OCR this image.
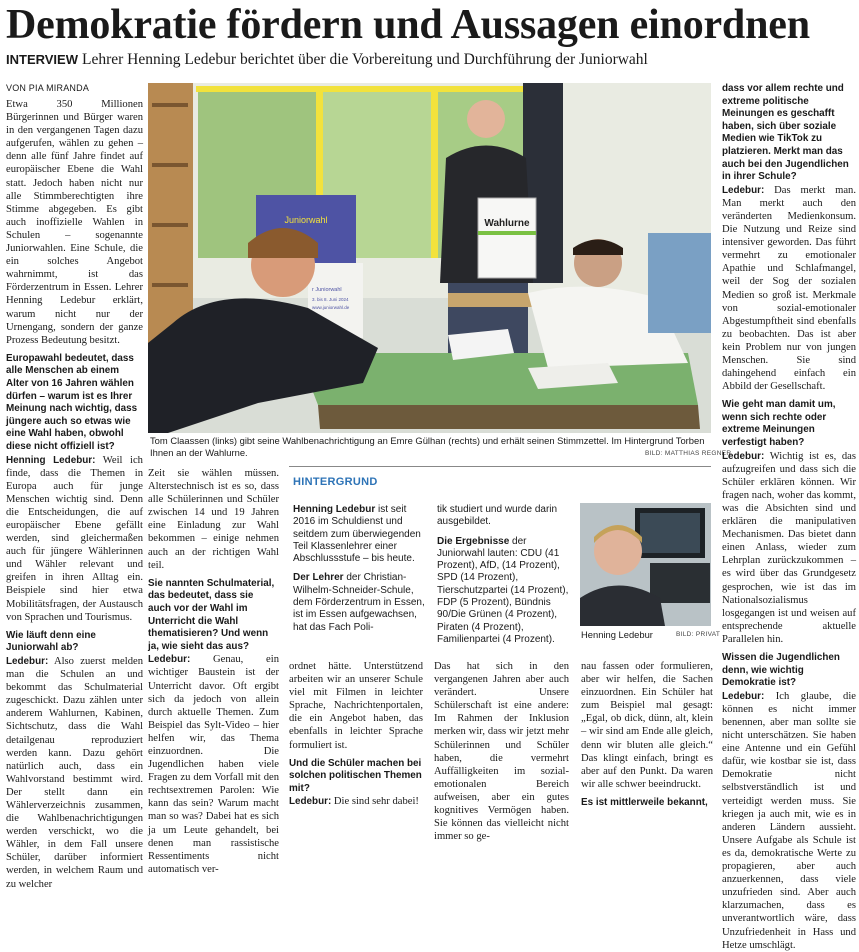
Demokratie fördern und Aussagen einordnen
INTERVIEW Lehrer Henning Ledebur berichtet über die Vorbereitung und Durchführung der Juniorwahl
VON PIA MIRANDA

Etwa 350 Millionen Bürgerinnen und Bürger waren in den vergangenen Tagen dazu aufgerufen, wählen zu gehen – denn alle fünf Jahre findet auf europäischer Ebene die Wahl statt. Jedoch haben nicht nur alle Stimmberechtigten ihre Stimme abgegeben. Es gibt auch inoffizielle Wahlen in Schulen – sogenannte Juniorwahlen. Eine Schule, die ein solches Angebot wahrnimmt, ist das Förderzentrum in Essen. Lehrer Henning Ledebur erklärt, warum nicht nur der Urnengang, sondern der ganze Prozess Bedeutung besitzt.

Europawahl bedeutet, dass alle Menschen ab einem Alter von 16 Jahren wählen dürfen – warum ist es Ihrer Meinung nach wichtig, dass jüngere auch so etwas wie eine Wahl haben, obwohl diese nicht offiziell ist?

Henning Ledebur: Weil ich finde, dass die Themen in Europa auch für junge Menschen wichtig sind. Denn die Entscheidungen, die auf europäischer Ebene gefällt werden, sind gleichermaßen auch für jüngere Wählerinnen und Wähler relevant und greifen in ihren Alltag ein. Beispiele sind hier etwa Mobilitätsfragen, der Austausch von Sprachen und Tourismus.

Wie läuft denn eine Juniorwahl ab?

Ledebur: Also zuerst melden man die Schulen an und bekommt das Schulmaterial zugeschickt. Dazu zählen unter anderem Wahlurnen, Kabinen, Sichtschutz, dass die Wahl detailgenau reproduziert werden kann. Dazu gehört natürlich auch, dass ein Wahlvorstand bestimmt wird. Der stellt dann ein Wählerverzeichnis zusammen, die Wahlbenachrichtigungen werden verschickt, wo die Wähler, in dem Fall unsere Schüler, darüber informiert werden, in welchem Raum und zu welcher

Juniorwahl
r Juniorwahl
3. bis 8. Juni 2024
www.juniorwahl.de
Wahlurne
Tom Claassen (links) gibt seine Wahlbenachrichtigung an Emre Gülhan (rechts) und erhält seinen Stimmzettel. Im Hintergrund Torben Ihnen an der Wahlurne.	BILD: MATTHIAS REGNER

Zeit sie wählen müssen. Alterstechnisch ist es so, dass alle Schülerinnen und Schüler zwischen 14 und 19 Jahren eine Einladung zur Wahl bekommen – einige nehmen auch an der richtigen Wahl teil.

Sie nannten Schulmaterial, das bedeutet, dass sie auch vor der Wahl im Unterricht die Wahl thematisieren? Und wenn ja, wie sieht das aus?

Ledebur: Genau, ein wichtiger Baustein ist der Unterricht davor. Oft ergibt sich da jedoch von allein durch aktuelle Themen. Zum Beispiel das Sylt-Video – hier helfen wir, das Thema einzuordnen. Die Jugendlichen haben viele Fragen zu dem Vorfall mit den rechtsextremen Parolen: Wie kann das sein? Warum macht man so was? Dabei hat es sich ja um Leute gehandelt, bei denen man rassistische Ressentiments nicht automatisch ver-

HINTERGRUND

Henning Ledebur ist seit 2016 im Schuldienst und seitdem zum überwiegenden Teil Klassenlehrer einer Abschlussstufe – bis heute.

Der Lehrer der Christian-Wilhelm-Schneider-Schule, dem Förderzentrum in Essen, ist im Essen aufgewachsen, hat das Fach Poli-

tik studiert und wurde darin ausgebildet.

Die Ergebnisse der Juniorwahl lauten: CDU (41 Prozent), AfD, (14 Prozent), SPD (14 Prozent), Tierschutzpartei (14 Prozent), FDP (5 Prozent), Bündnis 90/Die Grünen (4 Prozent), Piraten (4 Prozent), Familienpartei (4 Prozent).	Henning Ledebur	BILD: PRIVAT

ordnet hätte. Unterstützend arbeiten wir an unserer Schule viel mit Filmen in leichter Sprache, Nachrichtenportalen, die ein Angebot haben, das ebenfalls in leichter Sprache formuliert ist.

Und die Schüler machen bei solchen politischen Themen mit?

Ledebur: Die sind sehr dabei!

Das hat sich in den vergangenen Jahren aber auch verändert. Unsere Schülerschaft ist eine andere: Im Rahmen der Inklusion merken wir, dass wir jetzt mehr Schülerinnen und Schüler haben, die vermehrt Auffälligkeiten im sozial-emotionalen Bereich aufweisen, aber ein gutes kognitives Vermögen haben. Sie können das vielleicht nicht immer so ge-

nau fassen oder formulieren, aber wir helfen, die Sachen einzuordnen. Ein Schüler hat zum Beispiel mal gesagt: „Egal, ob dick, dünn, alt, klein – wir sind am Ende alle gleich, denn wir bluten alle gleich.“ Das klingt einfach, bringt es aber auf den Punkt. Da waren wir alle schwer beeindruckt.

Es ist mittlerweile bekannt,

dass vor allem rechte und extreme politische Meinungen es geschafft haben, sich über soziale Medien wie TikTok zu platzieren. Merkt man das auch bei den Jugendlichen in ihrer Schule?

Ledebur: Das merkt man. Man merkt auch den veränderten Medienkonsum. Die Nutzung und Reize sind intensiver geworden. Das führt vermehrt zu emotionaler Apathie und Schlafmangel, weil der Sog der sozialen Medien so groß ist. Merkmale von sozial-emotionaler Abgestumpftheit sind ebenfalls zu beobachten. Das ist aber kein Problem nur von jungen Menschen. Sie sind dahingehend einfach ein Abbild der Gesellschaft.

Wie geht man damit um, wenn sich rechte oder extreme Meinungen verfestigt haben?

Ledebur: Wichtig ist es, das aufzugreifen und dass sich die Schüler erklären können. Wir fragen nach, woher das kommt, was die Absichten sind und erklären die manipulativen Mechanismen. Das bietet dann einen Anlass, wieder zum Lehrplan zurückzukommen – es wird über das Grundgesetz gesprochen, wie ist das im Nationalsozialismus losgegangen ist und weisen auf entsprechende aktuelle Parallelen hin.

Wissen die Jugendlichen denn, wie wichtig Demokratie ist?

Ledebur: Ich glaube, die können es nicht immer benennen, aber man sollte sie nicht unterschätzen. Sie haben eine Antenne und ein Gefühl dafür, wie kostbar sie ist, dass Demokratie nicht selbstverständlich ist und verteidigt werden muss. Sie kriegen ja auch mit, wie es in anderen Ländern aussieht. Unsere Aufgabe als Schule ist es da, demokratische Werte zu propagieren, aber auch anzuerkennen, dass viele unzufrieden sind. Aber auch klarzumachen, dass es unverantwortlich wäre, dass Unzufriedenheit in Hass und Hetze umschlägt.
